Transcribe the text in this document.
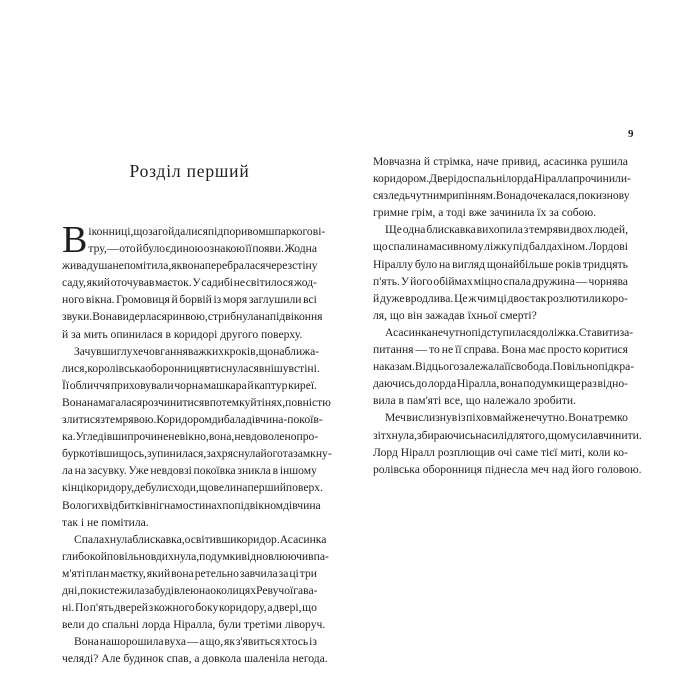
9
Розділ перший
В іконниці, що загойдалися під поривом шпаркого ві-
тру, — ото й було єдиною ознакою її появи. Жодна
жива душа не помітила, як вона перебралася через стіну
саду, який оточував маєток. У садибі не світилося жод-
ного вікна. Громовиця й борвій із моря заглушили всі
звуки. Вона видерлася ринвою, стрибнула на підвіконня
й за мить опинилася в коридорі другого поверху.
Зачувши глухе човгання важких кроків, що наближа-
лися, королівська оборонниця втиснулася в нішу в стіні.
Її обличчя приховували чорна машкара й каптур киреї.
Вона намагалася розчинитися в потемку й тінях, повністю
злитися з темрявою. Коридором дибала дівчина-покоїв-
ка. Угледівши прочинене вікно, вона, невдоволено про-
буркотівши щось, зупинилася, захряснула його та замкну-
ла на засувку. Уже невдовзі покоївка зникла в іншому
кінці коридору, де були сходи, що вели на перший поверх.
Вологих відбитків ніг на мостинах попід вікном дівчина
так і не помітила.
Спалахнула блискавка, освітивши коридор. Асасинка
глибоко й повільно вдихнула, подумки відновлюючи в па-
м'яті план маєтку, який вона ретельно завчила за ці три
дні, поки стежила за будівлею на околицях Ревучої гава-
ні. По п'ять дверей з кожного боку коридору, а двері, що
вели до спальні лорда Ніралла, були третіми ліворуч.
Вона нашорошила вуха — а що, як з'явиться хтось із
челяді? Але будинок спав, а довкола шаленіла негода.
Мовчазна й стрімка, наче привид, асасинка рушила
коридором. Двері до спальні лорда Ніралла прочинили-
ся з ледь чутним рипінням. Вона дочекалася, поки знову
гримне грім, а тоді вже зачинила їх за собою.
Ще одна блискавка вихопила з темряви двох людей,
що спали на масивному ліжку під балдахіном. Лордові
Ніраллу було на вигляд щонайбільше років тридцять
п'ять. У його обіймах міцно спала дружина — чорнява
й дуже вродлива. Це ж чим ці двоє так розлютили коро-
ля, що він зажадав їхньої смерті?
Асасинка нечутно підступилася до ліжка. Ставити за-
питання — то не її справа. Вона має просто коритися
наказам. Від цього залежала її свобода. Повільно підкра-
даючись до лорда Ніралла, вона подумки ще раз відно-
вила в пам'яті все, що належало зробити.
Меч вислизнув із піхов майже нечутно. Вона тремко
зітхнула, збираючись на силі для того, що мусила вчинити.
Лорд Ніралл розплющив очі саме тієї миті, коли ко-
ролівська оборонниця піднесла меч над його головою.
